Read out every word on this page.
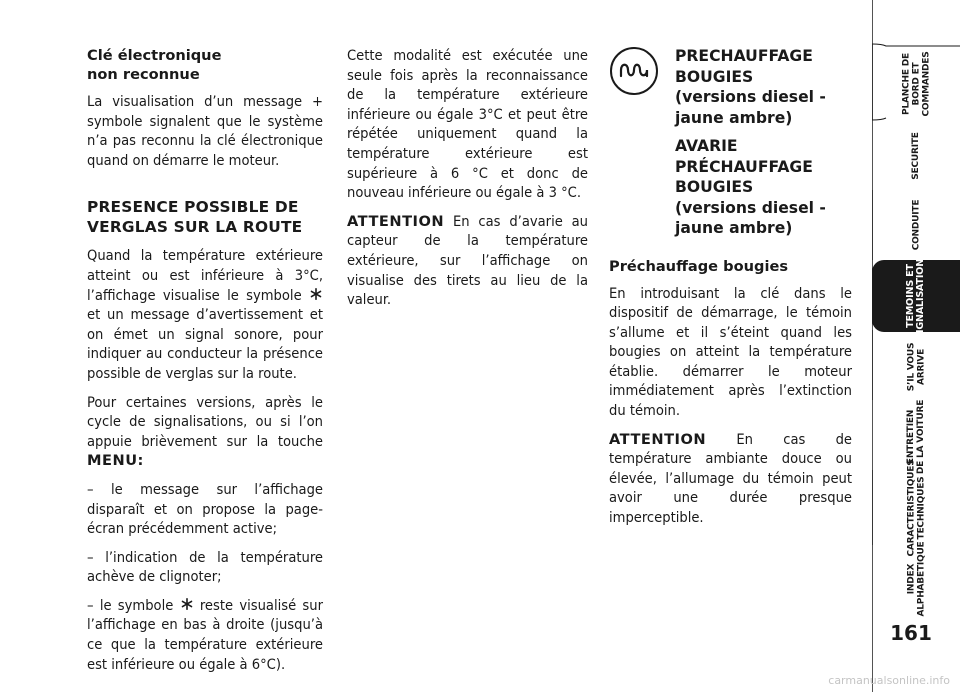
Clé électronique
non reconnue

La visualisation d’un message + symbole signalent que le système n’a pas reconnu la clé électronique quand on démarre le moteur.

PRESENCE POSSIBLE DE VERGLAS SUR LA ROUTE

Quand la température extérieure atteint ou est inférieure à 3°C, l’affichage visualise le symbole  et un message d’avertissement et on émet un signal sonore, pour indiquer au conducteur la présence possible de verglas sur la route.

Pour certaines versions, après le cycle de signalisations, ou si l’on appuie brièvement sur la touche MENU:

– le message sur l’affichage disparaît et on propose la page-écran précédemment active;

– l’indication de la température achève de clignoter;

– le symbole reste visualisé sur l’affichage en bas à droite (jusqu’à ce que la température extérieure est inférieure ou égale à 6°C).

Cette modalité est exécutée une seule fois après la reconnaissance de la température extérieure inférieure ou égale 3°C et peut être répétée uniquement quand la température extérieure est supérieure à 6 °C et donc de nouveau inférieure ou égale à 3 °C.

ATTENTION En cas d’avarie au capteur de la température extérieure, sur l’affichage on visualise des tirets au lieu de la valeur.

PRECHAUFFAGE
BOUGIES
(versions diesel -
jaune ambre)
AVARIE
PRÉCHAUFFAGE
BOUGIES
(versions diesel -
jaune ambre)
Préchauffage bougies

En introduisant la clé dans le dispositif de démarrage, le témoin s’allume et il s’éteint quand les bougies on atteint la température établie. démarrer le moteur immédiatement après l’extinction du témoin.

ATTENTION En cas de température ambiante douce ou élevée, l’allumage du témoin peut avoir une durée presque imperceptible.

PLANCHE DE
BORD ET
COMMANDES
SECURITE
CONDUITE
TEMOINS ET
SIGNALISATIONS
S’IL VOUS
ARRIVE
ENTRETIEN
DE LA VOITURE
CARACTERISTIQUES
TECHNIQUES
INDEX
ALPHABETIQUE
161
carmanualsonline.info
